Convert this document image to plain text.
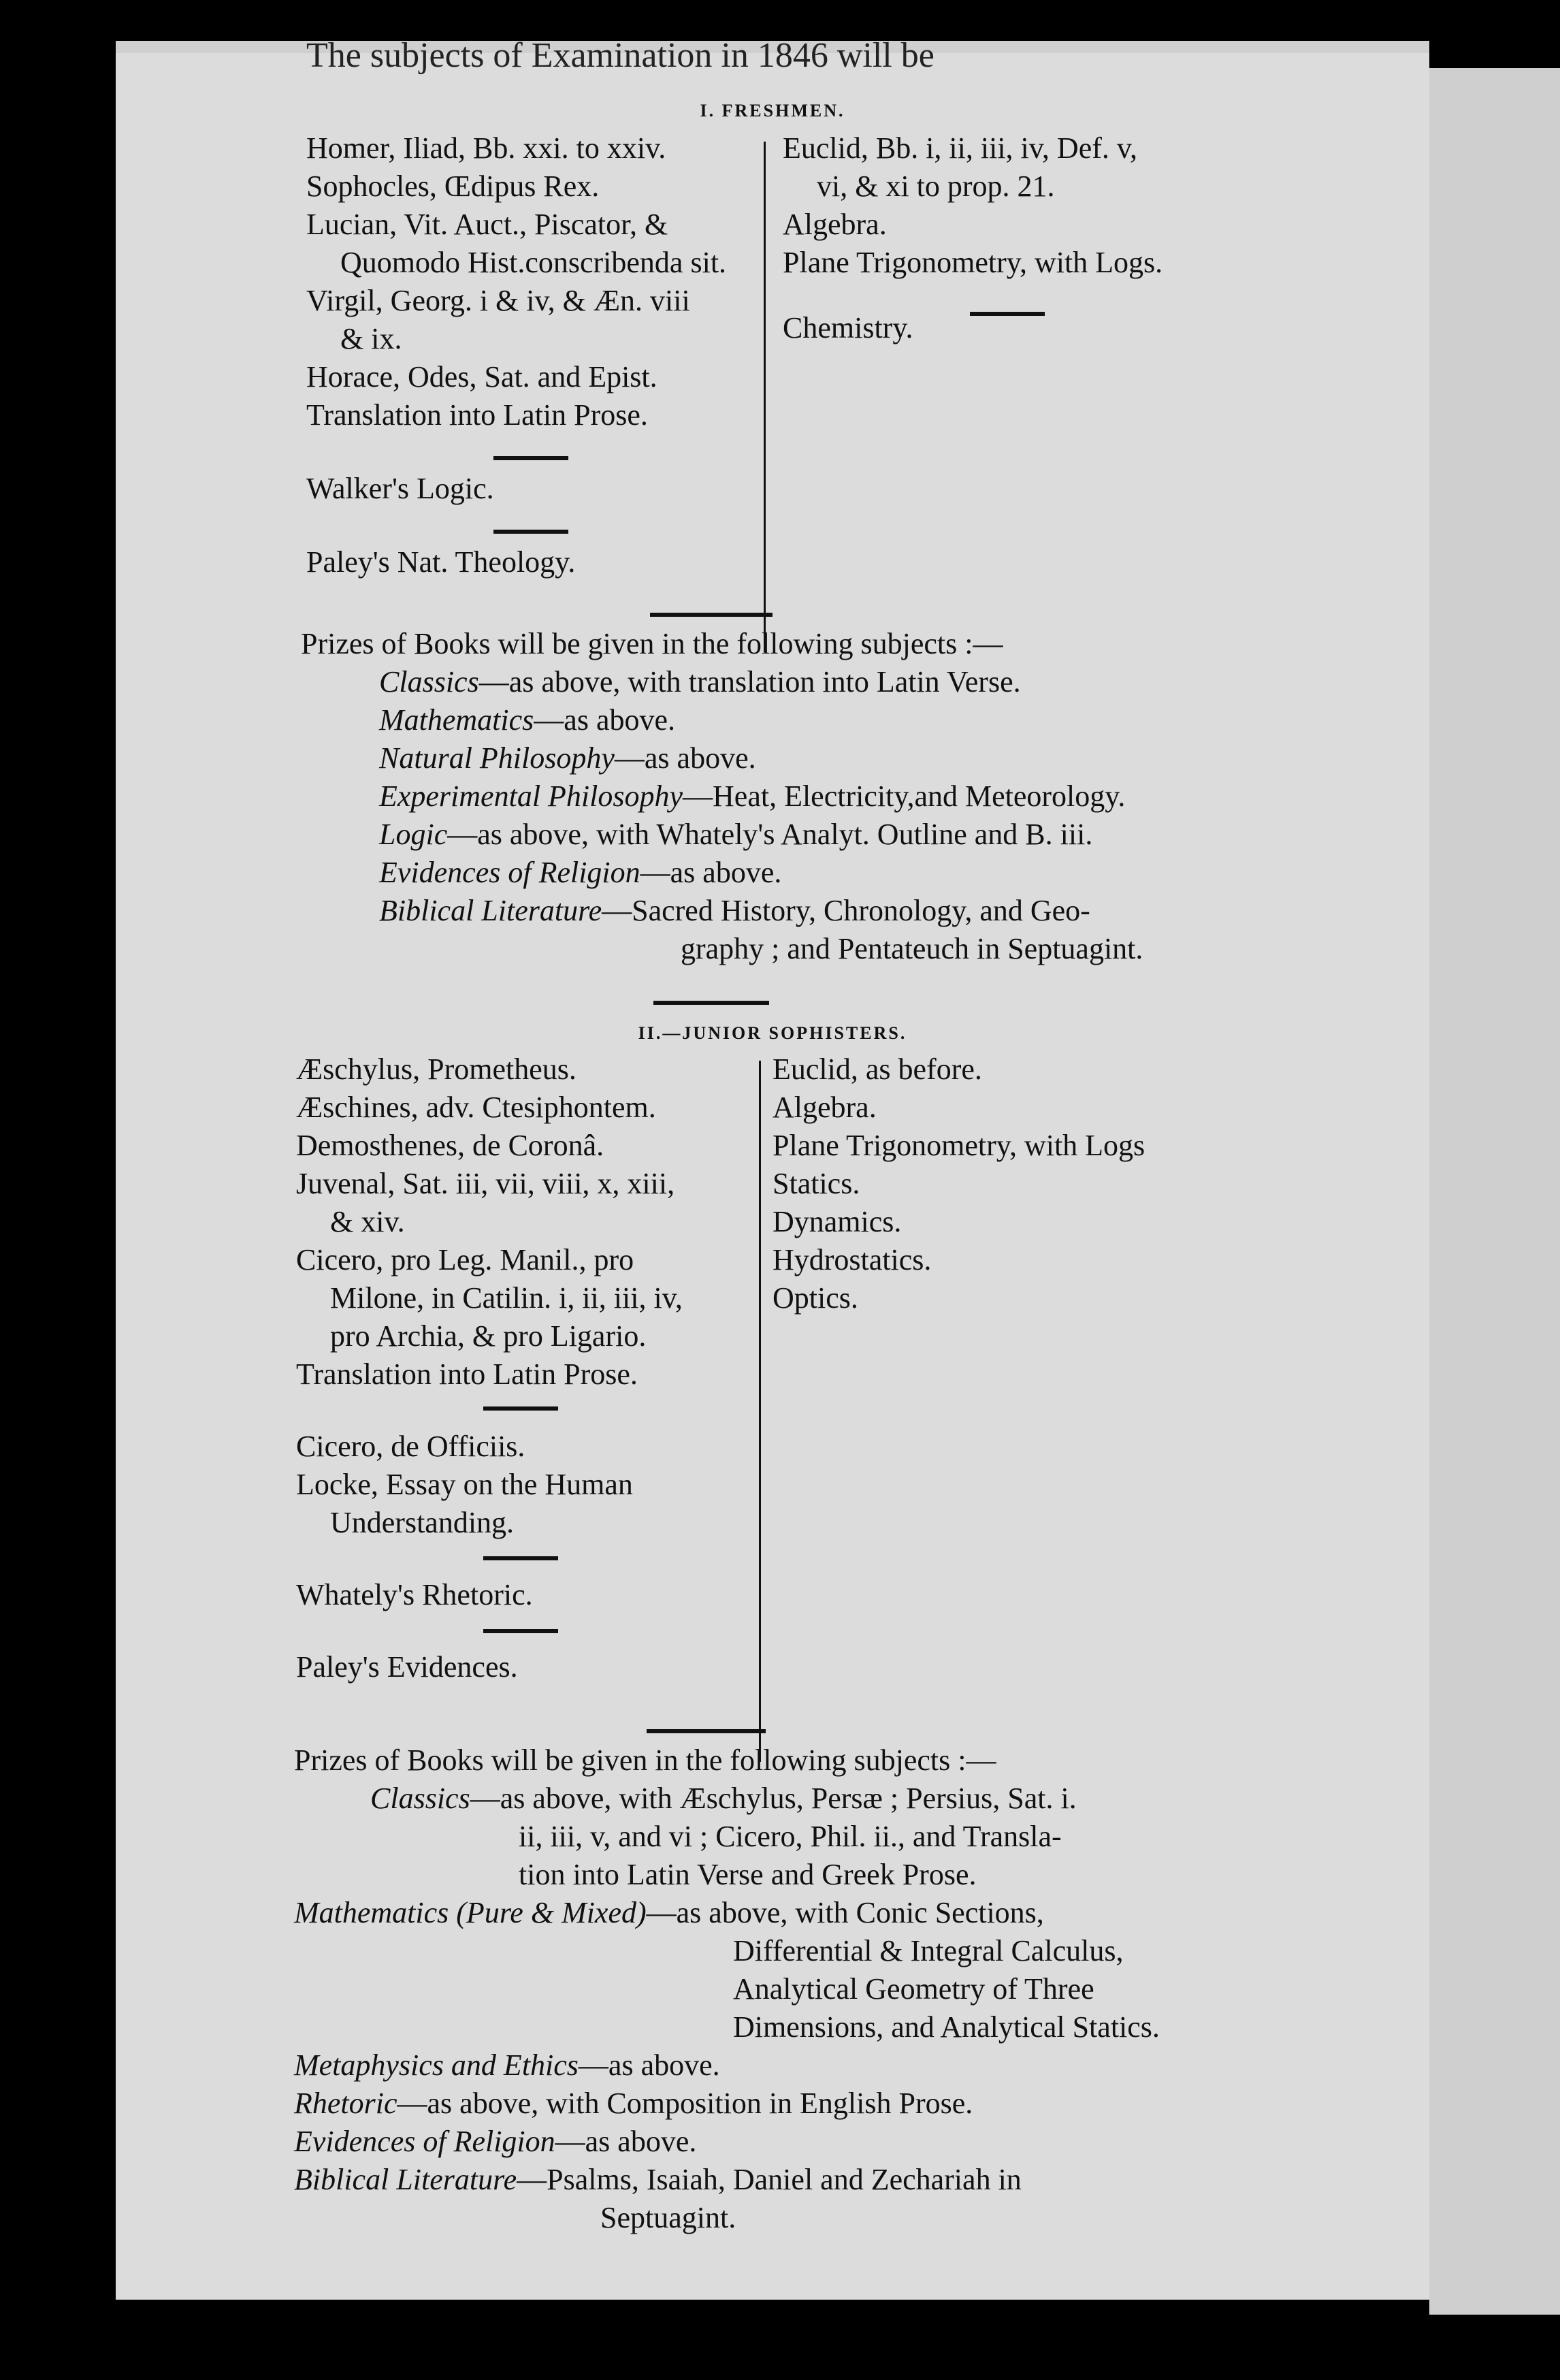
The subjects of Examination in 1846 will be
I. FRESHMEN.

Homer, Iliad, Bb. xxi. to xxiv.

Sophocles, Œdipus Rex.

Lucian, Vit. Auct., Piscator, &

Quomodo Hist.conscribenda sit.

Virgil, Georg. i & iv, & Æn. viii

& ix.

Horace, Odes, Sat. and Epist.

Translation into Latin Prose.

Walker's Logic.

Paley's Nat. Theology.

Euclid, Bb. i, ii, iii, iv, Def. v,

vi, & xi to prop. 21.

Algebra.

Plane Trigonometry, with Logs.

Chemistry.

Prizes of Books will be given in the following subjects :—

Classics—as above, with translation into Latin Verse.

Mathematics—as above.

Natural Philosophy—as above.

Experimental Philosophy—Heat, Electricity,and Meteorology.

Logic—as above, with Whately's Analyt. Outline and B. iii.

Evidences of Religion—as above.

Biblical Literature—Sacred History, Chronology, and Geo-

graphy ; and Pentateuch in Septuagint.

II.—JUNIOR SOPHISTERS.

Æschylus, Prometheus.

Æschines, adv. Ctesiphontem.

Demosthenes, de Coronâ.

Juvenal, Sat. iii, vii, viii, x, xiii,

& xiv.

Cicero, pro Leg. Manil., pro

Milone, in Catilin. i, ii, iii, iv,

pro Archia, & pro Ligario.

Translation into Latin Prose.

Cicero, de Officiis.

Locke, Essay on the Human

Understanding.

Whately's Rhetoric.

Paley's Evidences.

Euclid, as before.

Algebra.

Plane Trigonometry, with Logs

Statics.

Dynamics.

Hydrostatics.

Optics.

Prizes of Books will be given in the following subjects :—

Classics—as above, with Æschylus, Persæ ; Persius, Sat. i.

ii, iii, v, and vi ; Cicero, Phil. ii., and Transla-

tion into Latin Verse and Greek Prose.

Mathematics (Pure & Mixed)—as above, with Conic Sections,

Differential & Integral Calculus,

Analytical Geometry of Three

Dimensions, and Analytical Statics.

Metaphysics and Ethics—as above.

Rhetoric—as above, with Composition in English Prose.

Evidences of Religion—as above.

Biblical Literature—Psalms, Isaiah, Daniel and Zechariah in

Septuagint.
